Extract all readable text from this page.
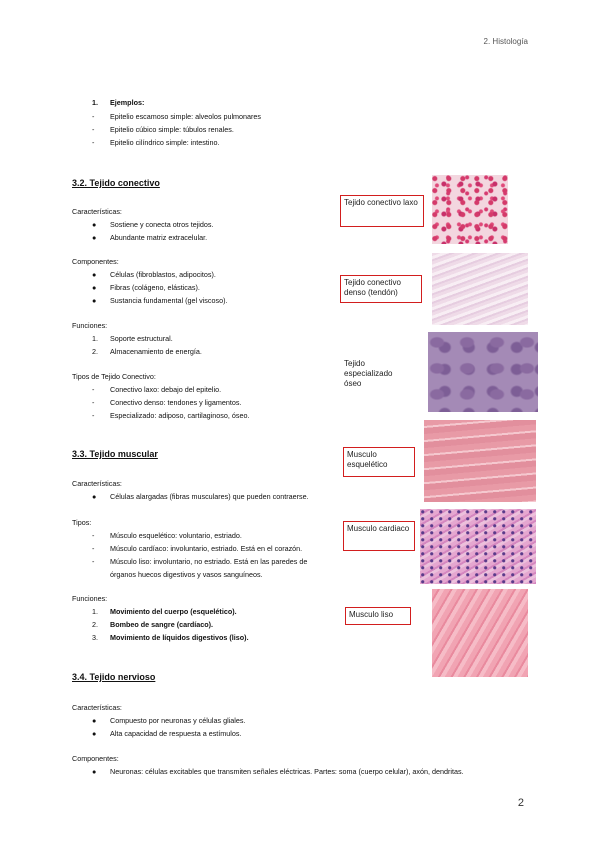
2. Histología
1. Ejemplos:
- Epitelio escamoso simple: alveolos pulmonares
- Epitelio cúbico simple: túbulos renales.
- Epitelio cilíndrico simple: intestino.
3.2. Tejido conectivo
Características:
● Sostiene y conecta otros tejidos.
● Abundante matriz extracelular.
Componentes:
● Células (fibroblastos, adipocitos).
● Fibras (colágeno, elásticas).
● Sustancia fundamental (gel viscoso).
Funciones:
1. Soporte estructural.
2. Almacenamiento de energía.
Tipos de Tejido Conectivo:
- Conectivo laxo: debajo del epitelio.
- Conectivo denso: tendones y ligamentos.
- Especializado: adiposo, cartilaginoso, óseo.
3.3. Tejido muscular
Características:
● Células alargadas (fibras musculares) que pueden contraerse.
Tipos:
- Músculo esquelético: voluntario, estriado.
- Músculo cardíaco: involuntario, estriado. Está en el corazón.
- Músculo liso: involuntario, no estriado. Está en las paredes de
órganos huecos digestivos y vasos sanguíneos.
Funciones:
1. Movimiento del cuerpo (esquelético).
2. Bombeo de sangre (cardíaco).
3. Movimiento de líquidos digestivos (liso).
3.4. Tejido nervioso
Características:
● Compuesto por neuronas y células gliales.
● Alta capacidad de respuesta a estímulos.
Componentes:
● Neuronas: células excitables que transmiten señales eléctricas. Partes: soma (cuerpo celular), axón, dendritas.
Tejido conectivo laxo
Tejido conectivo denso (tendón)
Tejido especializado óseo
Musculo esquelético
Musculo cardiaco
Musculo liso
2
